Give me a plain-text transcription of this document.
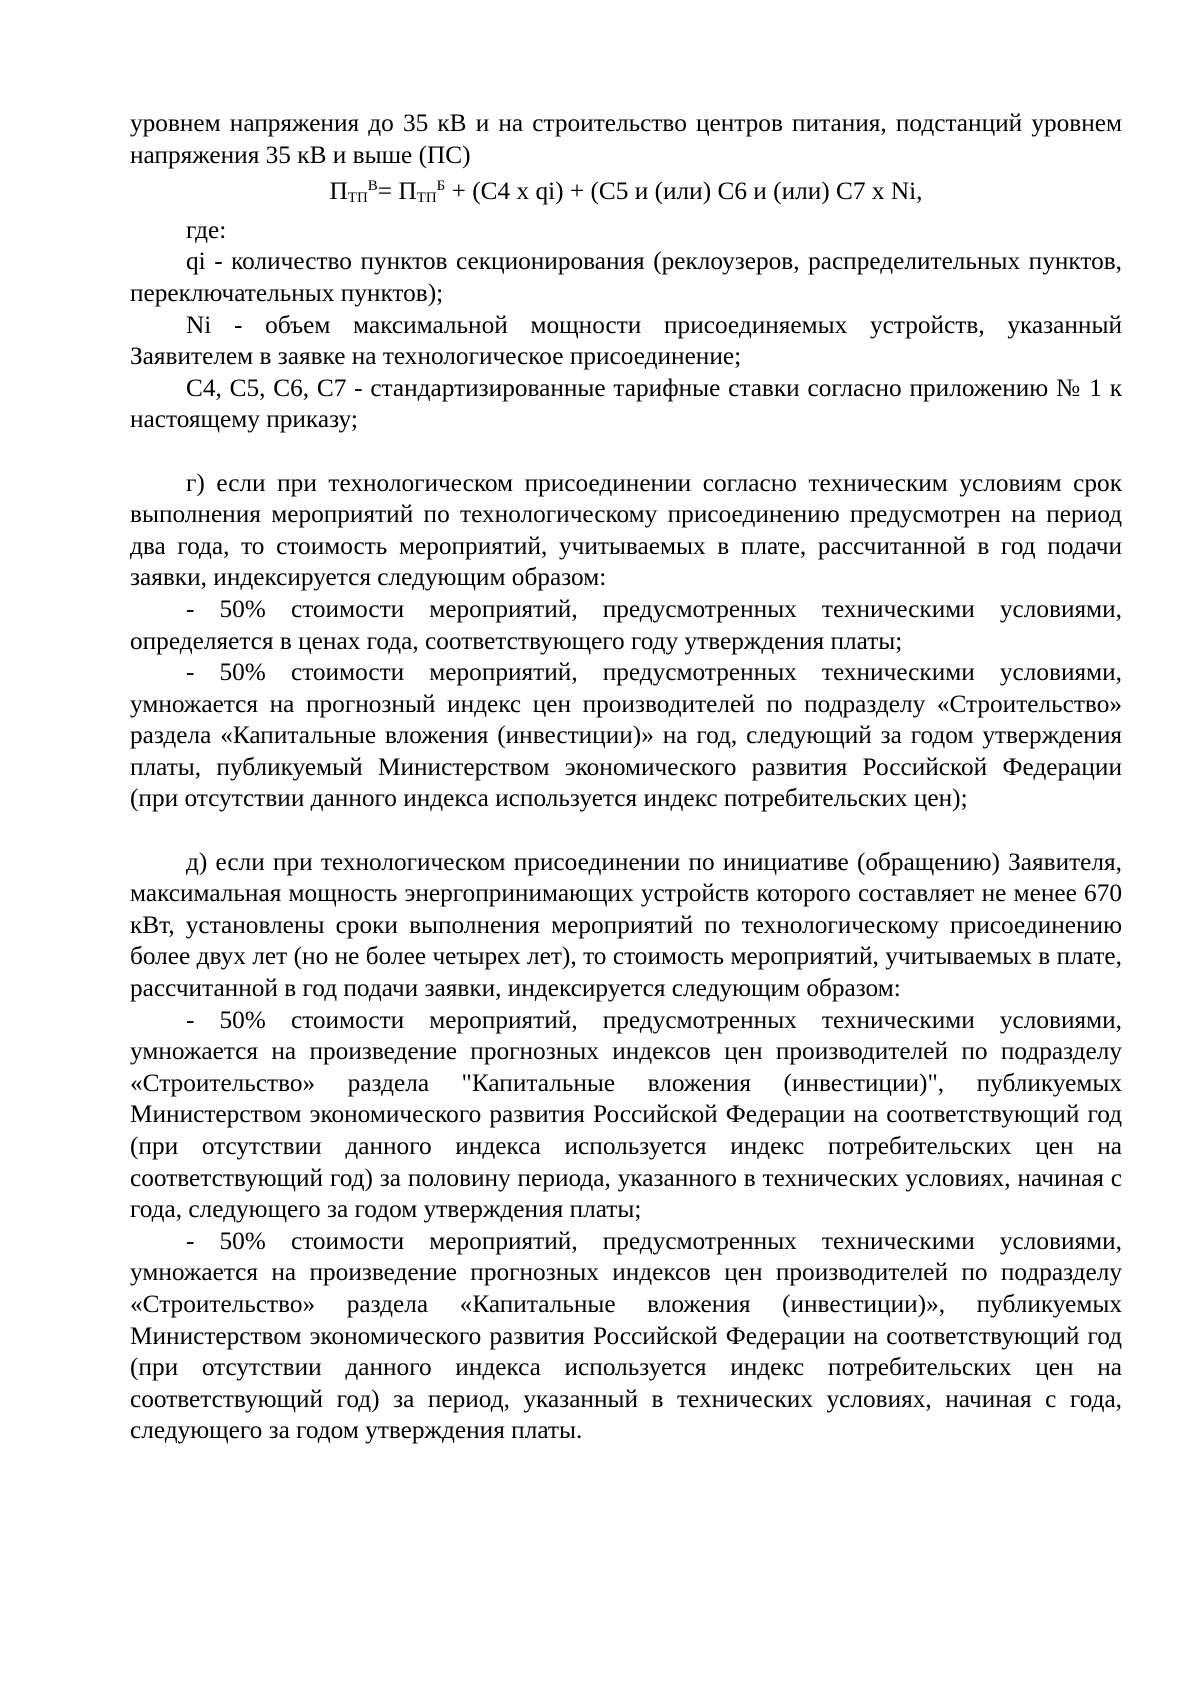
уровнем напряжения до 35 кВ и на строительство центров питания, подстанций уровнем напряжения 35 кВ и выше (ПС)

$П_{ТП}^В= П_{ТП}^Б + (С4$ х qi) + (С5 и (или) С6 и (или) С7 х Ni,

где:

qi - количество пунктов секционирования (реклоузеров, распределительных пунктов, переключательных пунктов);

Ni - объем максимальной мощности присоединяемых устройств, указанный Заявителем в заявке на технологическое присоединение;

С4, С5, С6, С7 - стандартизированные тарифные ставки согласно приложению № 1 к настоящему приказу;

г) если при технологическом присоединении согласно техническим условиям срок выполнения мероприятий по технологическому присоединению предусмотрен на период два года, то стоимость мероприятий, учитываемых в плате, рассчитанной в год подачи заявки, индексируется следующим образом:

- 50% стоимости мероприятий, предусмотренных техническими условиями, определяется в ценах года, соответствующего году утверждения платы;

- 50% стоимости мероприятий, предусмотренных техническими условиями, умножается на прогнозный индекс цен производителей по подразделу «Строительство» раздела «Капитальные вложения (инвестиции)» на год, следующий за годом утверждения платы, публикуемый Министерством экономического развития Российской Федерации (при отсутствии данного индекса используется индекс потребительских цен);

д) если при технологическом присоединении по инициативе (обращению) Заявителя, максимальная мощность энергопринимающих устройств которого составляет не менее 670 кВт, установлены сроки выполнения мероприятий по технологическому присоединению более двух лет (но не более четырех лет), то стоимость мероприятий, учитываемых в плате, рассчитанной в год подачи заявки, индексируется следующим образом:

- 50% стоимости мероприятий, предусмотренных техническими условиями, умножается на произведение прогнозных индексов цен производителей по подразделу «Строительство» раздела "Капитальные вложения (инвестиции)", публикуемых Министерством экономического развития Российской Федерации на соответствующий год (при отсутствии данного индекса используется индекс потребительских цен на соответствующий год) за половину периода, указанного в технических условиях, начиная с года, следующего за годом утверждения платы;

- 50% стоимости мероприятий, предусмотренных техническими условиями, умножается на произведение прогнозных индексов цен производителей по подразделу «Строительство» раздела «Капитальные вложения (инвестиции)», публикуемых Министерством экономического развития Российской Федерации на соответствующий год (при отсутствии данного индекса используется индекс потребительских цен на соответствующий год) за период, указанный в технических условиях, начиная с года, следующего за годом утверждения платы.
